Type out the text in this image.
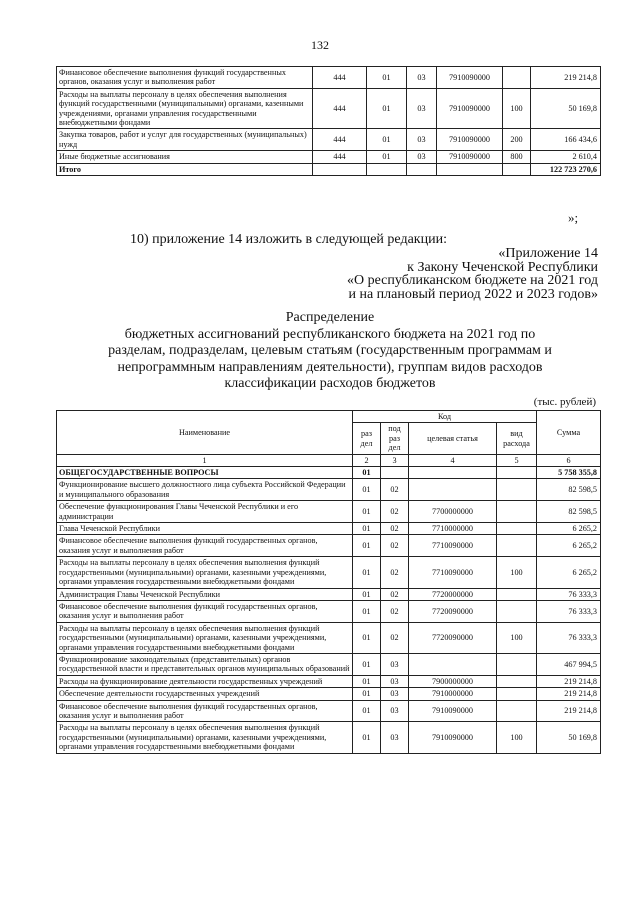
132
Финансовое обеспечение выполнения функций государственных органов, оказания услуг и выполнения работ	444	01	03	7910090000		219 214,8
Расходы на выплаты персоналу в целях обеспечения выполнения функций государственными (муниципальными) органами, казенными учреждениями, органами управления государственными внебюджетными фондами	444	01	03	7910090000	100	50 169,8
Закупка товаров, работ и услуг для государственных (муниципальных) нужд	444	01	03	7910090000	200	166 434,6
Иные бюджетные ассигнования	444	01	03	7910090000	800	2 610,4
Итого						122 723 270,6
»;
10) приложение 14 изложить в следующей редакции:
«Приложение 14
к Закону Чеченской Республики
«О республиканском бюджете на 2021 год
и на плановый период 2022 и 2023 годов»
Распределение
бюджетных ассигнований республиканского бюджета на 2021 год по
разделам, подразделам, целевым статьям (государственным программам и
непрограммным направлениям деятельности), группам видов расходов
классификации расходов бюджетов
(тыс. рублей)
Наименование	Код				Сумма
	раз дел	под раз дел	целевая статья	вид расхода	
1	2	3	4	5	6
ОБЩЕГОСУДАРСТВЕННЫЕ ВОПРОСЫ	01				5 758 355,8
Функционирование высшего должностного лица субъекта Российской Федерации и муниципального образования	01	02			82 598,5
Обеспечение функционирования Главы Чеченской Республики и его администрации	01	02	7700000000		82 598,5
Глава Чеченской Республики	01	02	7710000000		6 265,2
Финансовое обеспечение выполнения функций государственных органов, оказания услуг и выполнения работ	01	02	7710090000		6 265,2
Расходы на выплаты персоналу в целях обеспечения выполнения функций государственными (муниципальными) органами, казенными учреждениями, органами управления государственными внебюджетными фондами	01	02	7710090000	100	6 265,2
Администрация Главы Чеченской Республики	01	02	7720000000		76 333,3
Финансовое обеспечение выполнения функций государственных органов, оказания услуг и выполнения работ	01	02	7720090000		76 333,3
Расходы на выплаты персоналу в целях обеспечения выполнения функций государственными (муниципальными) органами, казенными учреждениями, органами управления государственными внебюджетными фондами	01	02	7720090000	100	76 333,3
Функционирование законодательных (представительных) органов государственной власти и представительных органов муниципальных образований	01	03			467 994,5
Расходы на функционирование деятельности государственных учреждений	01	03	7900000000		219 214,8
Обеспечение деятельности государственных учреждений	01	03	7910000000		219 214,8
Финансовое обеспечение выполнения функций государственных органов, оказания услуг и выполнения работ	01	03	7910090000		219 214,8
Расходы на выплаты персоналу в целях обеспечения выполнения функций государственными (муниципальными) органами, казенными учреждениями, органами управления государственными внебюджетными фондами	01	03	7910090000	100	50 169,8
